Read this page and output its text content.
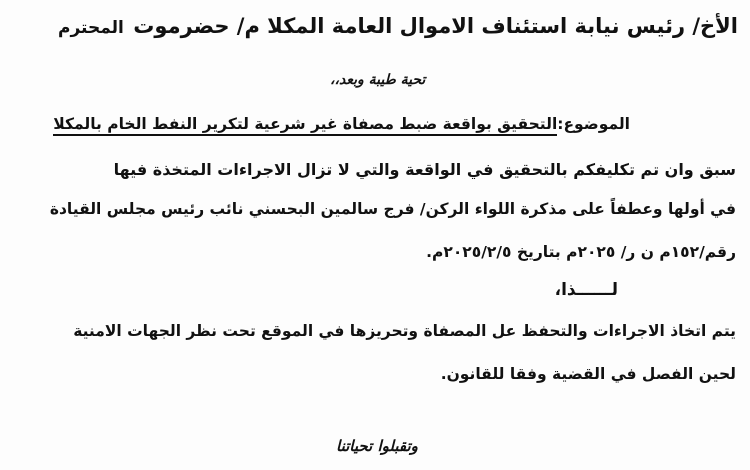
الأخ/ رئيس نيابة استئناف الاموال العامة المكلا م/ حضرموت
المحترم
تحية طيبة وبعد،،
الموضوع:التحقيق بواقعة ضبط مصفاة غير شرعية لتكرير النفط الخام بالمكلا
سبق وان تم تكليفكم بالتحقيق في الواقعة والتي لا تزال الاجراءات المتخذة فيها
في أولها وعطفاً على مذكرة اللواء الركن/ فرج سالمين البحسني نائب رئيس مجلس القيادة
رقم/١٥٢م ن ر/ ٢٠٢٥م بتاريخ ٢٠٢٥/٢/٥م.
لــــــذا،
يتم اتخاذ الاجراءات والتحفظ عل المصفاة وتحريزها في الموقع تحت نظر الجهات الامنية
لحين الفصل في القضية وفقا للقانون.
وتقبلوا تحياتنا
